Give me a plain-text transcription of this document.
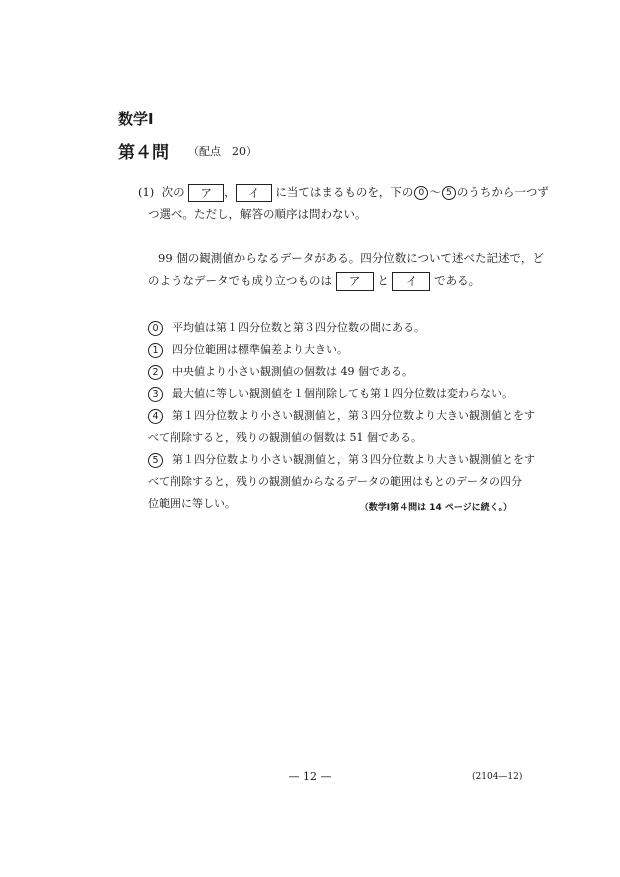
数学Ⅰ
第４問 （配点　20）
(1) 次の ア ， イ に当てはまるものを，下の 0 ～ 5 のうちから一つず
つ選べ。ただし，解答の順序は問わない。
99 個の観測値からなるデータがある。四分位数について述べた記述で，ど
のようなデータでも成り立つものは ア と イ である。
0	平均値は第１四分位数と第３四分位数の間にある。
1	四分位範囲は標準偏差より大きい。
2	中央値より小さい観測値の個数は 49 個である。
3	最大値に等しい観測値を１個削除しても第１四分位数は変わらない。
4	第１四分位数より小さい観測値と，第３四分位数より大きい観測値とをす
べて削除すると，残りの観測値の個数は 51 個である。
5	第１四分位数より小さい観測値と，第３四分位数より大きい観測値とをす
べて削除すると，残りの観測値からなるデータの範囲はもとのデータの四分
位範囲に等しい。	（数学Ⅰ第４問は 14 ページに続く。）
— 12 —	(2104—12)
